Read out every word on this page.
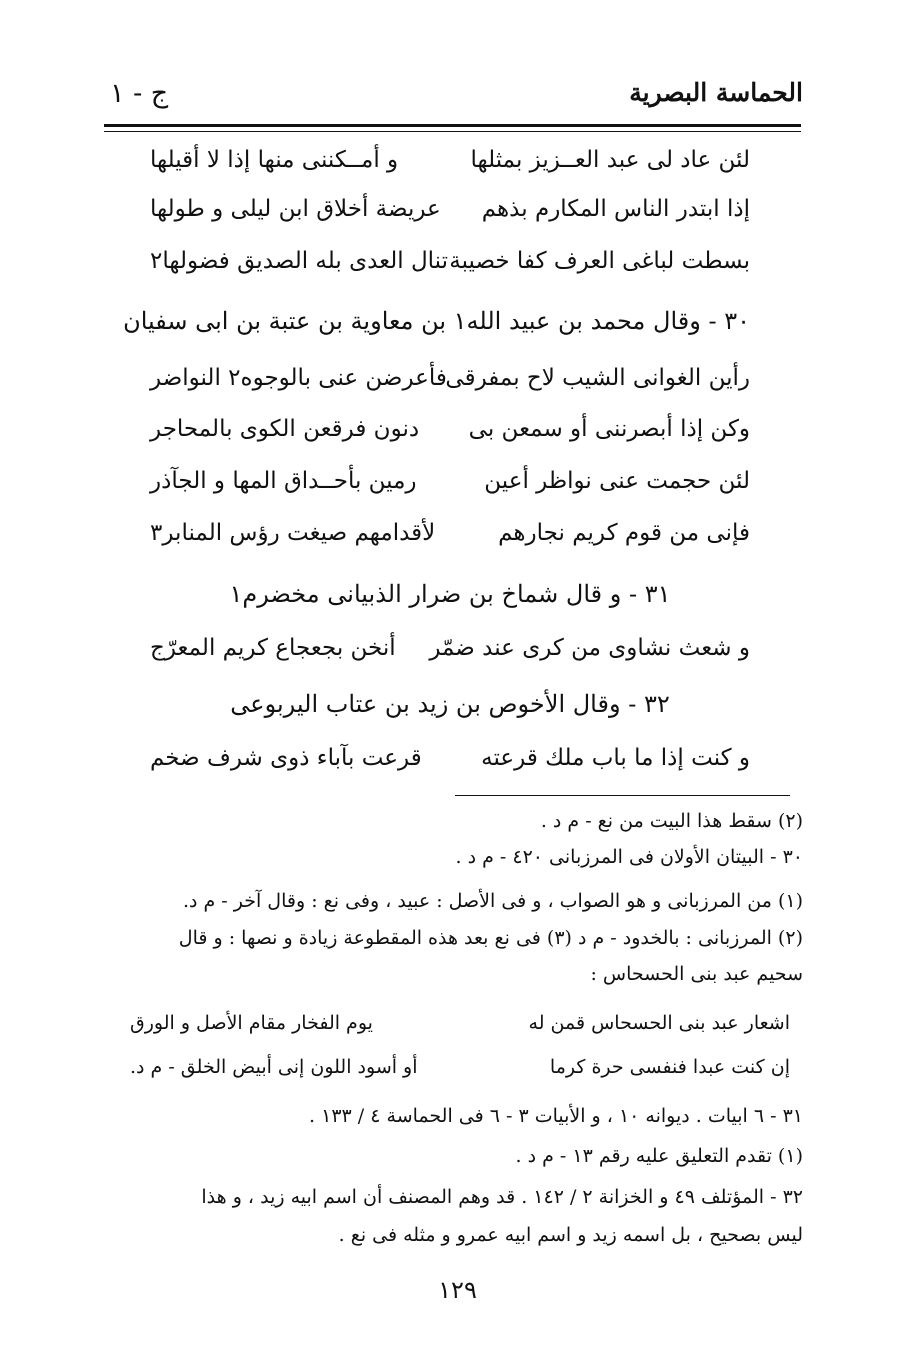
الحماسة البصرية
ج - ١
لئن عاد لى عبد العــزيز بمثلها
و أمــكننى منها إذا لا أقيلها
إذا ابتدر الناس المكارم بذهم
عريضة أخلاق ابن ليلى و طولها
بسطت لباغى العرف كفا خصيبة
تنال العدى بله الصديق فضولها٢
٣٠ - وقال محمد بن عبيد الله١ بن معاوية بن عتبة بن ابى سفيان
رأين الغوانى الشيب لاح بمفرقى
فأعرضن عنى بالوجوه٢ النواضر
وكن إذا أبصرننى أو سمعن بى
دنون فرقعن الكوى بالمحاجر
لئن حجمت عنى نواظر أعين
رمين بأحــداق المها و الجآذر
فإنى من قوم كريم نجارهم
لأقدامهم صيغت رؤس المنابر٣
٣١ - و قال شماخ بن ضرار الذبيانى مخضرم١
و شعث نشاوى من كرى عند ضمّر
أنخن بجعجاع كريم المعرّج
٣٢ - وقال الأخوص بن زيد بن عتاب اليربوعى
و كنت إذا ما باب ملك قرعته
قرعت بآباء ذوى شرف ضخم
(٢) سقط هذا البيت من نع - م د .
٣٠ - البيتان الأولان فى المرزبانى ٤٢٠ - م د .
(١) من المرزبانى و هو الصواب ، و فى الأصل : عبيد ، وفى نع : وقال آخر - م د.
(٢) المرزبانى : بالخدود - م د (٣) فى نع بعد هذه المقطوعة زيادة و نصها : و قال
سحيم عبد بنى الحسحاس :
اشعار عبد بنى الحسحاس قمن له
يوم الفخار مقام الأصل و الورق
إن كنت عبدا فنفسى حرة كرما
أو أسود اللون إنى أبيض الخلق - م د.
٣١ - ٦ ابيات . ديوانه ١٠ ، و الأبيات ٣ - ٦ فى الحماسة ٤ / ١٣٣ .
(١) تقدم التعليق عليه رقم ١٣ - م د .
٣٢ - المؤتلف ٤٩ و الخزانة ٢ / ١٤٢ . قد وهم المصنف أن اسم ابيه زيد ، و هذا
ليس بصحيح ، بل اسمه زيد و اسم ابيه عمرو و مثله فى نع .
١٢٩
